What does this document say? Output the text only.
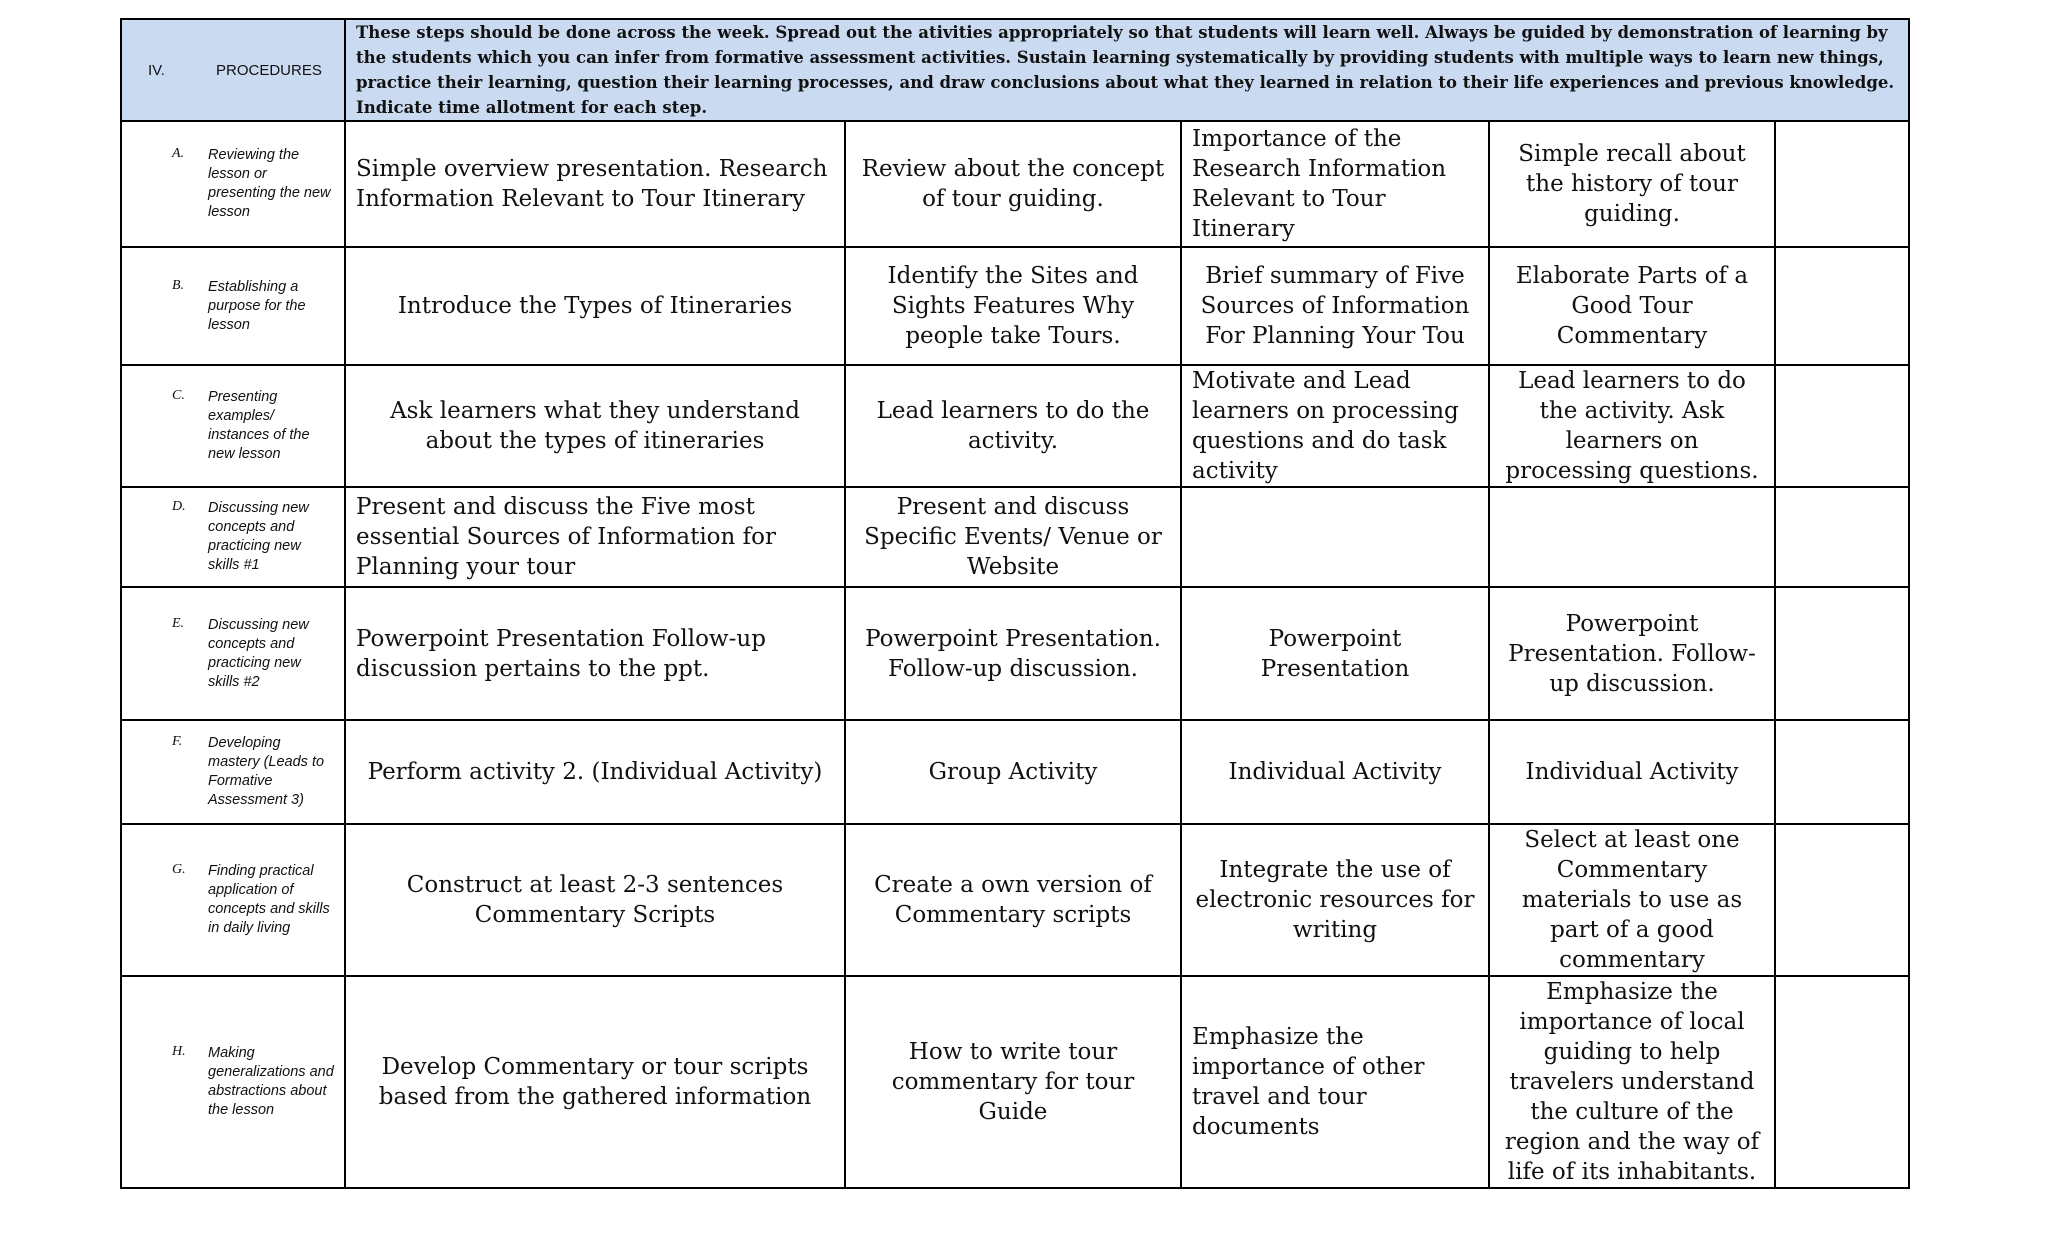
IV. PROCEDURES	These steps should be done across the week. Spread out the ativities appropriately so that students will learn well. Always be guided by demonstration of learning by the students which you can infer from formative assessment activities. Sustain learning systematically by providing students with multiple ways to learn new things, practice their learning, question their learning processes, and draw conclusions about what they learned in relation to their life experiences and previous knowledge. Indicate time allotment for each step.				

A. Reviewing the lesson or presenting the new lesson	Simple overview presentation. Research Information Relevant to Tour Itinerary	Review about the concept of tour guiding.	Importance of the Research Information Relevant to Tour Itinerary	Simple recall about the history of tour guiding.	

B. Establishing a purpose for the lesson	Introduce the Types of Itineraries	Identify the Sites and Sights Features Why people take Tours.	Brief summary of Five Sources of Information For Planning Your Tou	Elaborate Parts of a Good Tour Commentary	

C. Presenting examples/ instances of the new lesson	Ask learners what they understand about the types of itineraries	Lead learners to do the activity.	Motivate and Lead learners on processing questions and do task activity	Lead learners to do the activity. Ask learners on processing questions.	

D. Discussing new concepts and practicing new skills #1	Present and discuss the Five most essential Sources of Information for Planning your tour	Present and discuss Specific Events/ Venue or Website			

E. Discussing new concepts and practicing new skills #2	Powerpoint Presentation Follow-up discussion pertains to the ppt.	Powerpoint Presentation. Follow-up discussion.	Powerpoint Presentation	Powerpoint Presentation. Follow-up discussion.	

F. Developing mastery (Leads to Formative Assessment 3)	Perform activity 2. (Individual Activity)	Group Activity	Individual Activity	Individual Activity	

G. Finding practical application of concepts and skills in daily living	Construct at least 2-3 sentences Commentary Scripts	Create a own version of Commentary scripts	Integrate the use of electronic resources for writing	Select at least one Commentary materials to use as part of a good commentary	

H. Making generalizations and abstractions about the lesson	Develop Commentary or tour scripts based from the gathered information	How to write tour commentary for tour Guide	Emphasize the importance of other travel and tour documents	Emphasize the importance of local guiding to help travelers understand the culture of the region and the way of life of its inhabitants.	
